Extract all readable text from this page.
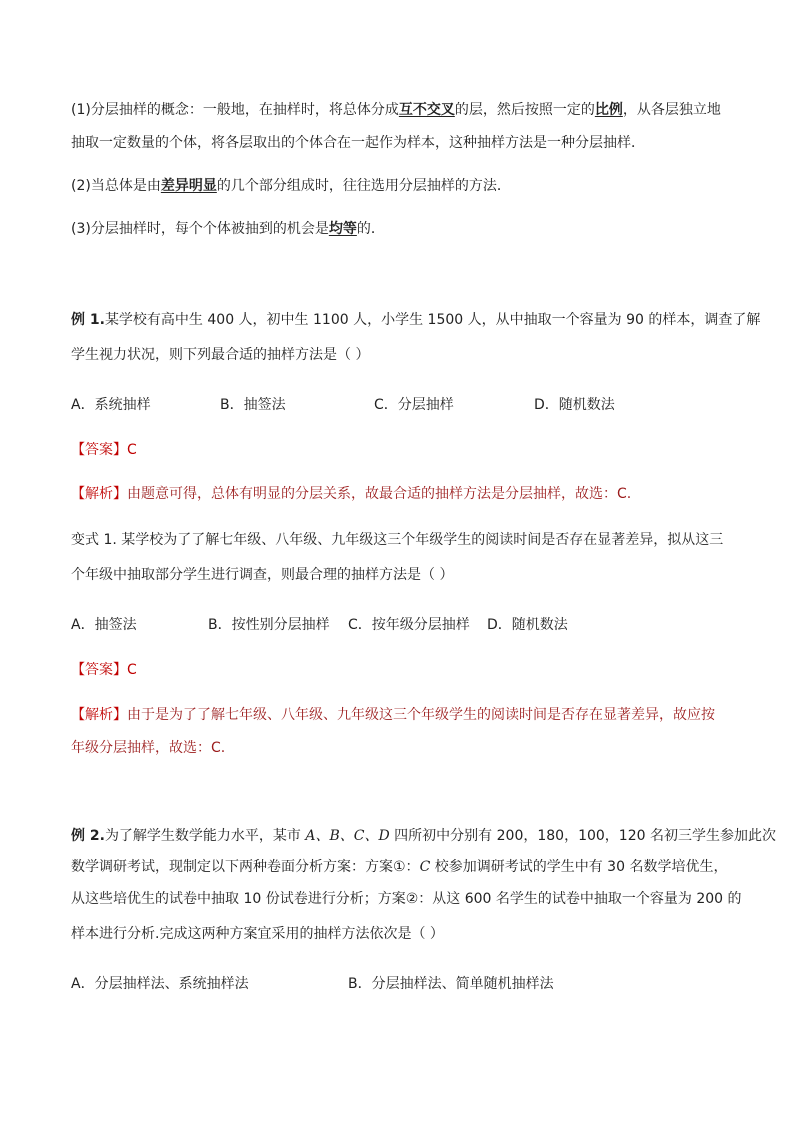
(1)分层抽样的概念：一般地，在抽样时，将总体分成互不交叉的层，然后按照一定的比例，从各层独立地
抽取一定数量的个体，将各层取出的个体合在一起作为样本，这种抽样方法是一种分层抽样．
(2)当总体是由差异明显的几个部分组成时，往往选用分层抽样的方法．
(3)分层抽样时，每个个体被抽到的机会是均等的．
例 1.某学校有高中生 400 人，初中生 1100 人，小学生 1500 人，从中抽取一个容量为 90 的样本，调查了解
学生视力状况，则下列最合适的抽样方法是（ ）
A．系统抽样	B．抽签法	C．分层抽样	D．随机数法
【答案】C
【解析】由题意可得，总体有明显的分层关系，故最合适的抽样方法是分层抽样，故选：C.
变式 1. 某学校为了了解七年级、八年级、九年级这三个年级学生的阅读时间是否存在显著差异，拟从这三
个年级中抽取部分学生进行调查，则最合理的抽样方法是（ ）
A．抽签法	B．按性别分层抽样 C．按年级分层抽样 D．随机数法
【答案】C
【解析】由于是为了了解七年级、八年级、九年级这三个年级学生的阅读时间是否存在显著差异，故应按
年级分层抽样，故选：C.
例 2.为了解学生数学能力水平，某市 A、B、C、D 四所初中分别有 200，180，100，120 名初三学生参加此次
数学调研考试，现制定以下两种卷面分析方案：方案①：C 校参加调研考试的学生中有 30 名数学培优生，
从这些培优生的试卷中抽取 10 份试卷进行分析；方案②：从这 600 名学生的试卷中抽取一个容量为 200 的
样本进行分析.完成这两种方案宜采用的抽样方法依次是（ ）
A．分层抽样法、系统抽样法	B．分层抽样法、简单随机抽样法
